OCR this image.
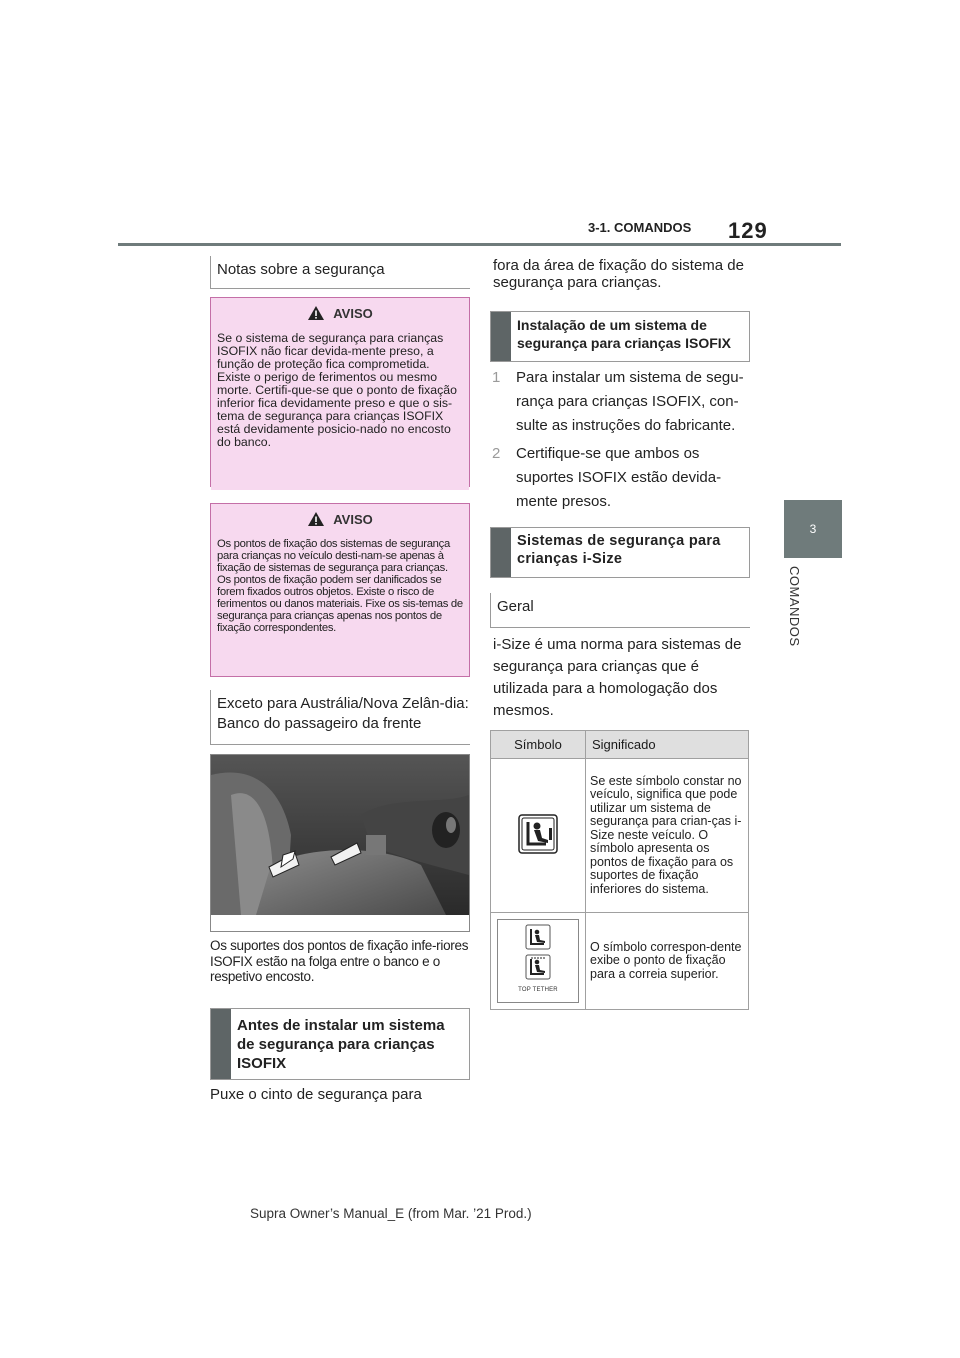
3-1. COMANDOS 129
3
COMANDOS
Notas sobre a segurança
AVISO
Se o sistema de segurança para crianças ISOFIX não ficar devida-mente preso, a função de proteção fica comprometida. Existe o perigo de ferimentos ou mesmo morte. Certifi-que-se que o ponto de fixação inferior fica devidamente preso e que o sis-tema de segurança para crianças ISOFIX está devidamente posicio-nado no encosto do banco.
AVISO
Os pontos de fixação dos sistemas de segurança para crianças no veículo desti-nam-se apenas à fixação de sistemas de segurança para crianças. Os pontos de fixação podem ser danificados se forem fixados outros objetos. Existe o risco de ferimentos ou danos materiais. Fixe os sis-temas de segurança para crianças apenas nos pontos de fixação correspondentes.
Exceto para Austrália/Nova Zelân-dia: Banco do passageiro da frente
Os suportes dos pontos de fixação infe-riores ISOFIX estão na folga entre o banco e o respetivo encosto.
Antes de instalar um sistema de segurança para crianças ISOFIX
Puxe o cinto de segurança para
fora da área de fixação do sistema de segurança para crianças.
Instalação de um sistema de segurança para crianças ISOFIX
1	Para instalar um sistema de segu-rança para crianças ISOFIX, con-sulte as instruções do fabricante.
2	Certifique-se que ambos os suportes ISOFIX estão devida-mente presos.
Sistemas de segurança para crianças i-Size
Geral
i-Size é uma norma para sistemas de segurança para crianças que é utilizada para a homologação dos mesmos.
Símbolo	Significado
	Se este símbolo constar no veículo, significa que pode utilizar um sistema de segurança para crian-ças i-Size neste veículo. O símbolo apresenta os pontos de fixação para os suportes de fixação inferiores do sistema.

TOP TETHER	O símbolo correspon-dente exibe o ponto de fixação para a correia superior.
Supra Owner’s Manual_E (from Mar. ’21 Prod.)
